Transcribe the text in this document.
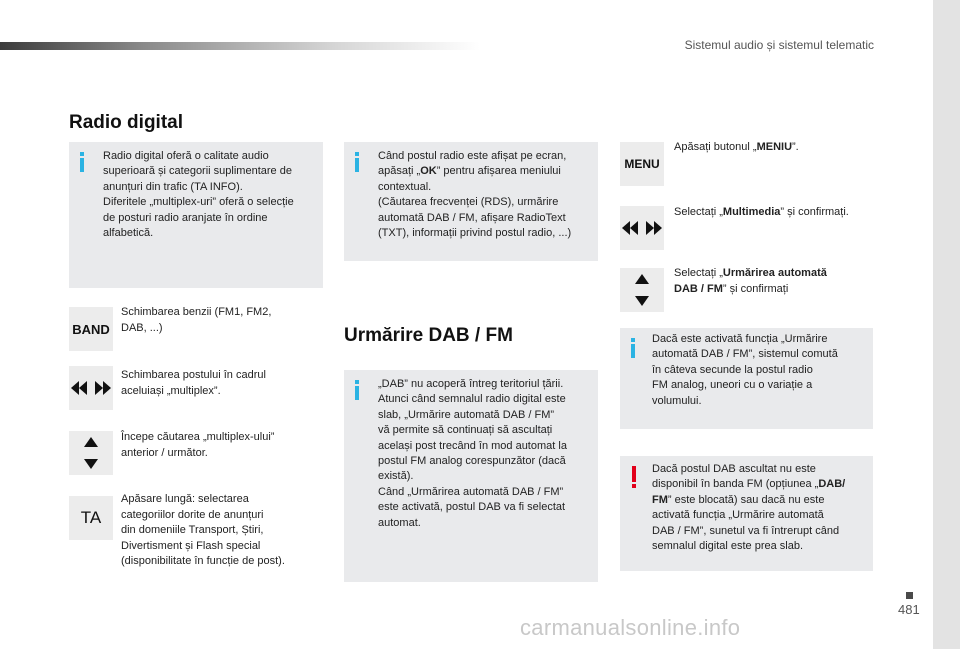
Sistemul audio și sistemul telematic
Radio digital
Radio digital oferă o calitate audio
superioară și categorii suplimentare de
anunțuri din trafic (TA INFO).
Diferitele „multiplex-uri” oferă o selecție
de posturi radio aranjate în ordine
alfabetică.
Când postul radio este afișat pe ecran,
apăsați „OK” pentru afișarea meniului
contextual.
(Căutarea frecvenței (RDS), urmărire
automată DAB / FM, afișare RadioText
(TXT), informații privind postul radio, ...)
BAND
Schimbarea benzii (FM1, FM2,
DAB, ...)
Schimbarea postului în cadrul
aceluiași „multiplex”.
Începe căutarea „multiplex-ului”
anterior / următor.
TA
Apăsare lungă: selectarea
categoriilor dorite de anunțuri
din domeniile Transport, Știri,
Divertisment și Flash special
(disponibilitate în funcție de post).
Urmărire DAB / FM
„DAB” nu acoperă întreg teritoriul țării.
Atunci când semnalul radio digital este
slab, „Urmărire automată DAB / FM”
vă permite să continuați să ascultați
același post trecând în mod automat la
postul FM analog corespunzător (dacă
există).
Când „Urmărirea automată DAB / FM”
este activată, postul DAB va fi selectat
automat.
MENU
Apăsați butonul „MENIU”.
Selectați „Multimedia” și confirmați.
Selectați „Urmărirea automată
DAB / FM” și confirmați
Dacă este activată funcția „Urmărire
automată DAB / FM”, sistemul comută
în câteva secunde la postul radio
FM analog, uneori cu o variație a
volumului.
Dacă postul DAB ascultat nu este
disponibil în banda FM (opțiunea „DAB/
FM” este blocată) sau dacă nu este
activată funcția „Urmărire automată
DAB / FM”, sunetul va fi întrerupt când
semnalul digital este prea slab.
481
carmanualsonline.info
